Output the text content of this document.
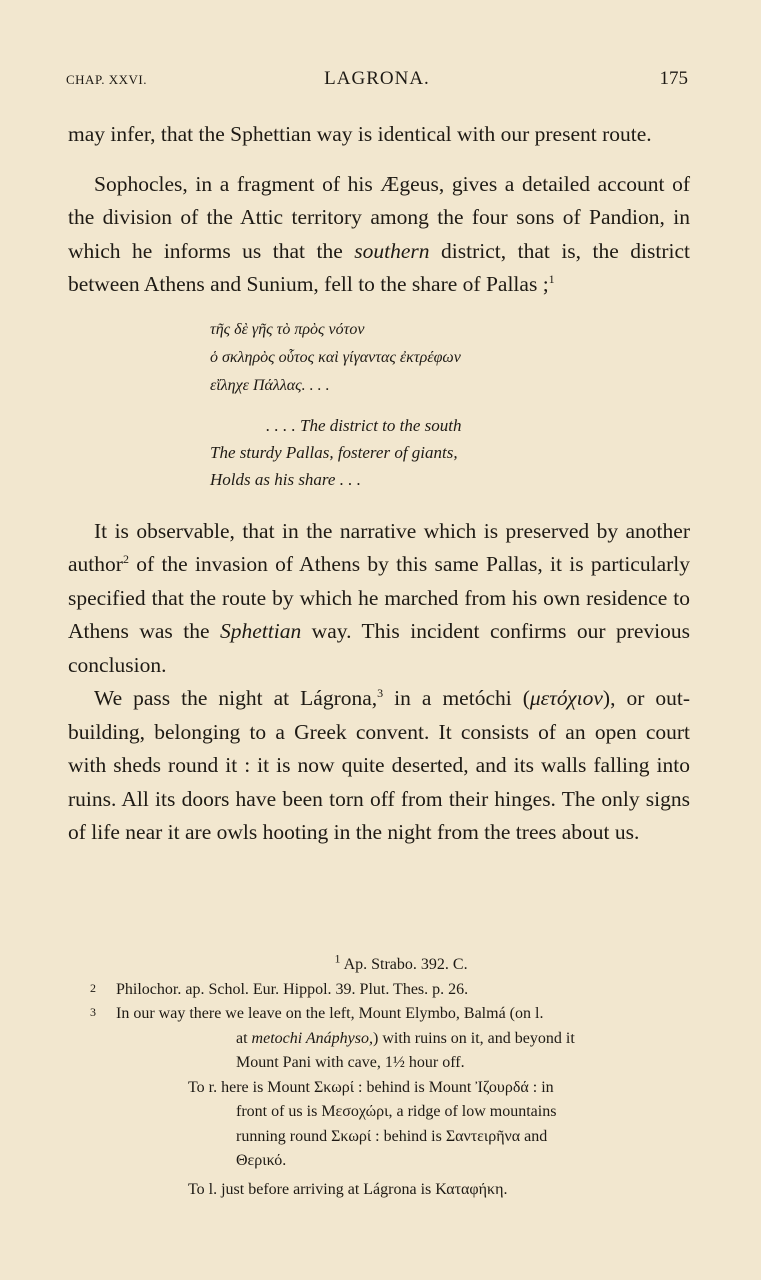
CHAP. XXVI.	LAGRONA.	175

may infer, that the Sphettian way is identical with our present route.

Sophocles, in a fragment of his Ægeus, gives a detailed account of the division of the Attic territory among the four sons of Pandion, in which he informs us that the southern district, that is, the district between Athens and Sunium, fell to the share of Pallas ;$^1$

τῆς δὲ γῆς τὸ πρὸς νότον
ὁ σκληρὸς οὗτος καὶ γίγαντας ἐκτρέφων
εἴληχε Πάλλας. . . .
. . . . The district to the south
The sturdy Pallas, fosterer of giants,
Holds as his share . . .

It is observable, that in the narrative which is preserved by another author$^2$ of the invasion of Athens by this same Pallas, it is particularly specified that the route by which he marched from his own residence to Athens was the Sphettian way. This incident confirms our previous conclusion.

We pass the night at Lágrona,$^3$ in a metóchi (μετόχιον), or out-building, belonging to a Greek convent. It consists of an open court with sheds round it : it is now quite deserted, and its walls falling into ruins. All its doors have been torn off from their hinges. The only signs of life near it are owls hooting in the night from the trees about us.

$^1$ Ap. Strabo. 392. C.
2 Philochor. ap. Schol. Eur. Hippol. 39. Plut. Thes. p. 26.
3 In our way there we leave on the left, Mount Elymbo, Balmá (on l.
at metochi Anáphyso,) with ruins on it, and beyond it
Mount Pani with cave, 1½ hour off.
To r. here is Mount Σκωρί : behind is Mount Ἰζουρδά : in
front of us is Μεσοχώρι, a ridge of low mountains
running round Σκωρί : behind is Σαντειρῆνα and
Θερικό.
To l. just before arriving at Lágrona is Καταφήκη.
